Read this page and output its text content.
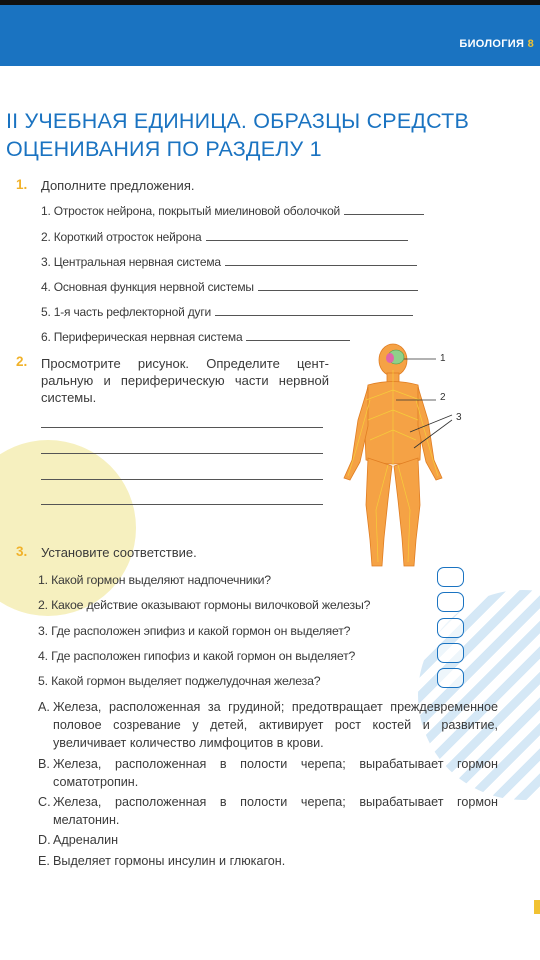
БИОЛОГИЯ 8
II УЧЕБНАЯ ЕДИНИЦА. ОБРАЗЦЫ СРЕДСТВ
ОЦЕНИВАНИЯ ПО РАЗДЕЛУ 1
1. Дополните предложения.
1. Отросток нейрона, покрытый миелиновой оболочкой
2. Короткий отросток нейрона
3. Центральная нервная система
4. Основная функция нервной системы
5. 1-я часть рефлекторной дуги
6. Периферическая нервная система
2. Просмотрите рисунок. Определите центральную и периферическую части нервной системы.
1
2
3
3. Установите соответствие.
1. Какой гормон выделяют надпочечники?
2. Какое действие оказывают гормоны вилочковой железы?
3. Где расположен эпифиз и какой гормон он выделяет?
4. Где расположен гипофиз и какой гормон он выделяет?
5. Какой гормон выделяет поджелудочная железа?
A. Железа, расположенная за грудиной; предотвращает преждевременное половое созревание у детей, активирует рост костей и развитие, увеличивает количество лимфоцитов в крови.
B. Железа, расположенная в полости черепа; вырабатывает гормон соматотропин.
C. Железа, расположенная в полости черепа; вырабатывает гормон мелатонин.
D. Адреналин
E. Выделяет гормоны инсулин и глюкагон.
